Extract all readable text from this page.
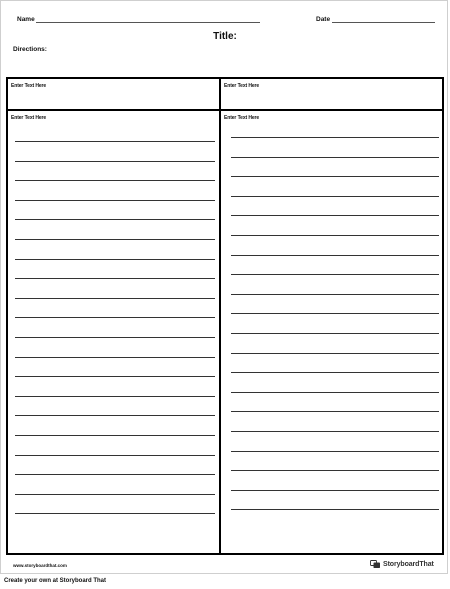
Name	Date
Title:
Directions:
Enter Text Here	Enter Text Here
Enter Text Here	Enter Text Here
www.storyboardthat.com	StoryboardThat
Create your own at Storyboard That
